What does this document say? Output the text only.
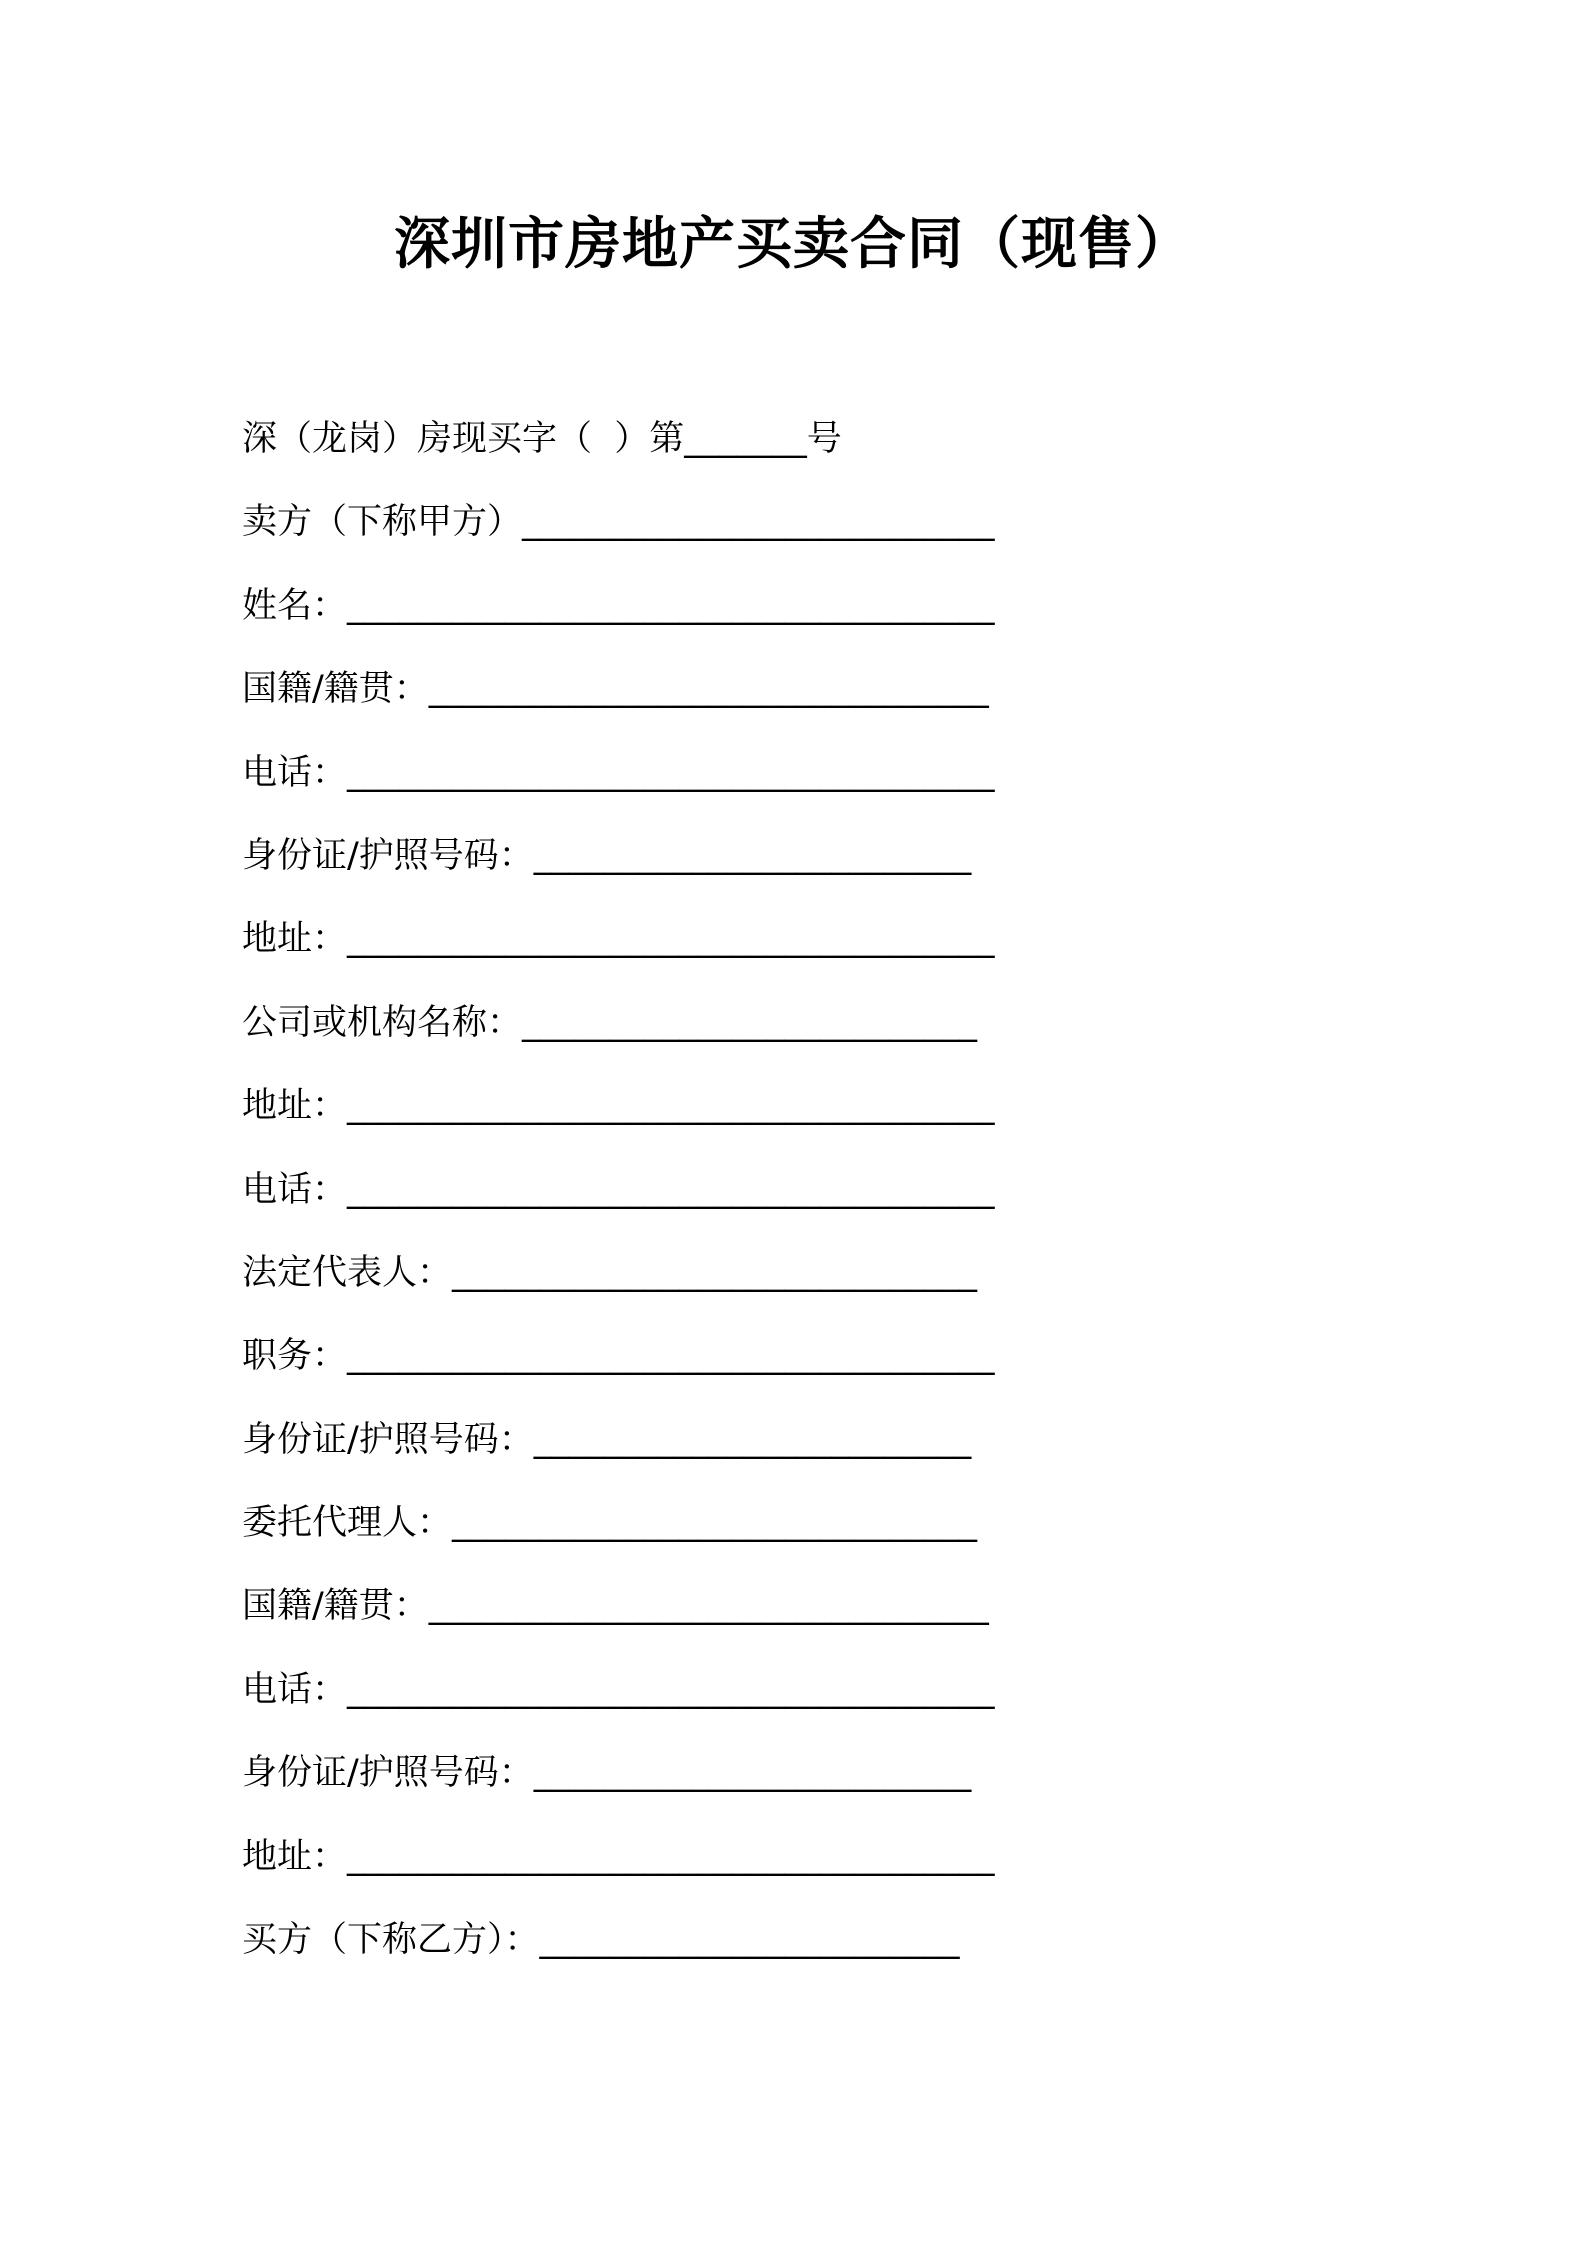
深圳市房地产买卖合同（现售）
深（龙岗）房现买字（  ）第_______号
卖方（下称甲方）___________________________
姓名：_____________________________________
国籍/籍贯：________________________________
电话：_____________________________________
身份证/护照号码：_________________________
地址：_____________________________________
公司或机构名称：__________________________
地址：_____________________________________
电话：_____________________________________
法定代表人：______________________________
职务：_____________________________________
身份证/护照号码：_________________________
委托代理人：______________________________
国籍/籍贯：________________________________
电话：_____________________________________
身份证/护照号码：_________________________
地址：_____________________________________
买方（下称乙方）：________________________
